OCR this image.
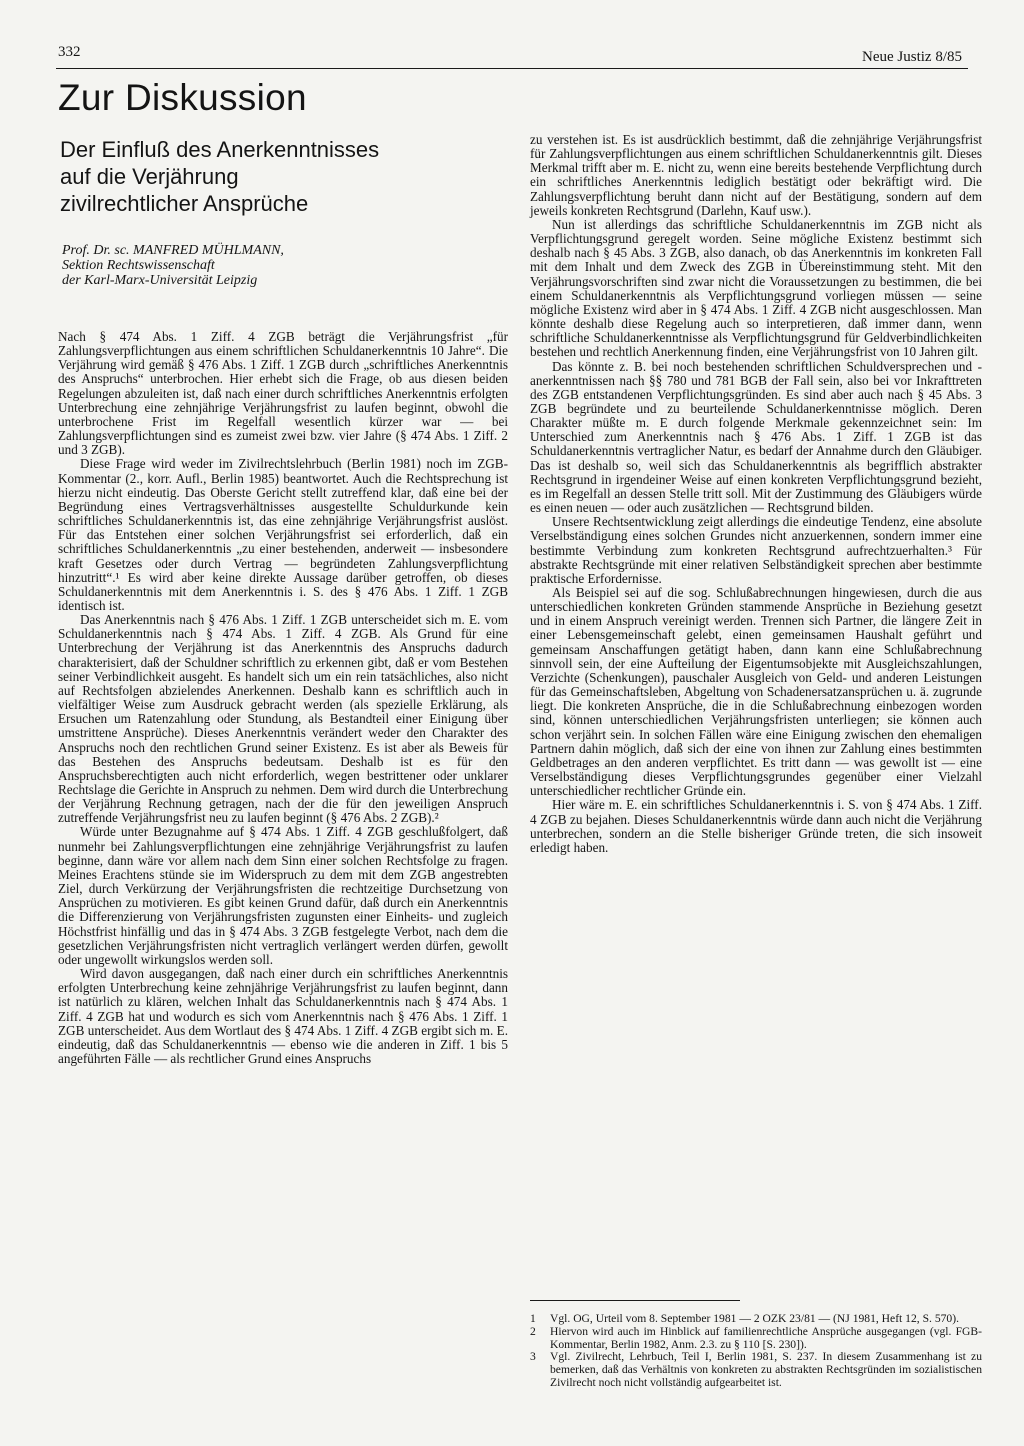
332	Neue Justiz 8/85
Zur Diskussion
Der Einfluß des Anerkenntnisses
auf die Verjährung
zivilrechtlicher Ansprüche
Prof. Dr. sc. MANFRED MÜHLMANN,
Sektion Rechtswissenschaft
der Karl-Marx-Universität Leipzig

Nach § 474 Abs. 1 Ziff. 4 ZGB beträgt die Verjährungsfrist „für Zahlungsverpflichtungen aus einem schriftlichen Schuldanerkenntnis 10 Jahre“. Die Verjährung wird gemäß § 476 Abs. 1 Ziff. 1 ZGB durch „schriftliches Anerkenntnis des Anspruchs“ unterbrochen. Hier erhebt sich die Frage, ob aus diesen beiden Regelungen abzuleiten ist, daß nach einer durch schriftliches Anerkenntnis erfolgten Unterbrechung eine zehnjährige Verjährungsfrist zu laufen beginnt, obwohl die unterbrochene Frist im Regelfall wesentlich kürzer war — bei Zahlungsverpflichtungen sind es zumeist zwei bzw. vier Jahre (§ 474 Abs. 1 Ziff. 2 und 3 ZGB).

Diese Frage wird weder im Zivilrechtslehrbuch (Berlin 1981) noch im ZGB-Kommentar (2., korr. Aufl., Berlin 1985) beantwortet. Auch die Rechtsprechung ist hierzu nicht eindeutig. Das Oberste Gericht stellt zutreffend klar, daß eine bei der Begründung eines Vertragsverhältnisses ausgestellte Schuldurkunde kein schriftliches Schuldanerkenntnis ist, das eine zehnjährige Verjährungsfrist auslöst. Für das Entstehen einer solchen Verjährungsfrist sei erforderlich, daß ein schriftliches Schuldanerkenntnis „zu einer bestehenden, anderweit — insbesondere kraft Gesetzes oder durch Vertrag — begründeten Zahlungsverpflichtung hinzutritt“.¹ Es wird aber keine direkte Aussage darüber getroffen, ob dieses Schuldanerkenntnis mit dem Anerkenntnis i. S. des § 476 Abs. 1 Ziff. 1 ZGB identisch ist.

Das Anerkenntnis nach § 476 Abs. 1 Ziff. 1 ZGB unterscheidet sich m. E. vom Schuldanerkenntnis nach § 474 Abs. 1 Ziff. 4 ZGB. Als Grund für eine Unterbrechung der Verjährung ist das Anerkenntnis des Anspruchs dadurch charakterisiert, daß der Schuldner schriftlich zu erkennen gibt, daß er vom Bestehen seiner Verbindlichkeit ausgeht. Es handelt sich um ein rein tatsächliches, also nicht auf Rechtsfolgen abzielendes Anerkennen. Deshalb kann es schriftlich auch in vielfältiger Weise zum Ausdruck gebracht werden (als spezielle Erklärung, als Ersuchen um Ratenzahlung oder Stundung, als Bestandteil einer Einigung über umstrittene Ansprüche). Dieses Anerkenntnis verändert weder den Charakter des Anspruchs noch den rechtlichen Grund seiner Existenz. Es ist aber als Beweis für das Bestehen des Anspruchs bedeutsam. Deshalb ist es für den Anspruchsberechtigten auch nicht erforderlich, wegen bestrittener oder unklarer Rechtslage die Gerichte in Anspruch zu nehmen. Dem wird durch die Unterbrechung der Verjährung Rechnung getragen, nach der die für den jeweiligen Anspruch zutreffende Verjährungsfrist neu zu laufen beginnt (§ 476 Abs. 2 ZGB).²

Würde unter Bezugnahme auf § 474 Abs. 1 Ziff. 4 ZGB geschlußfolgert, daß nunmehr bei Zahlungsverpflichtungen eine zehnjährige Verjährungsfrist zu laufen beginne, dann wäre vor allem nach dem Sinn einer solchen Rechtsfolge zu fragen. Meines Erachtens stünde sie im Widerspruch zu dem mit dem ZGB angestrebten Ziel, durch Verkürzung der Verjährungsfristen die rechtzeitige Durchsetzung von Ansprüchen zu motivieren. Es gibt keinen Grund dafür, daß durch ein Anerkenntnis die Differenzierung von Verjährungsfristen zugunsten einer Einheits- und zugleich Höchstfrist hinfällig und das in § 474 Abs. 3 ZGB festgelegte Verbot, nach dem die gesetzlichen Verjährungsfristen nicht vertraglich verlängert werden dürfen, gewollt oder ungewollt wirkungslos werden soll.

Wird davon ausgegangen, daß nach einer durch ein schriftliches Anerkenntnis erfolgten Unterbrechung keine zehnjährige Verjährungsfrist zu laufen beginnt, dann ist natürlich zu klären, welchen Inhalt das Schuldanerkenntnis nach § 474 Abs. 1 Ziff. 4 ZGB hat und wodurch es sich vom Anerkenntnis nach § 476 Abs. 1 Ziff. 1 ZGB unterscheidet. Aus dem Wortlaut des § 474 Abs. 1 Ziff. 4 ZGB ergibt sich m. E. eindeutig, daß das Schuldanerkenntnis — ebenso wie die anderen in Ziff. 1 bis 5 angeführten Fälle — als rechtlicher Grund eines Anspruchs

zu verstehen ist. Es ist ausdrücklich bestimmt, daß die zehnjährige Verjährungsfrist für Zahlungsverpflichtungen aus einem schriftlichen Schuldanerkenntnis gilt. Dieses Merkmal trifft aber m. E. nicht zu, wenn eine bereits bestehende Verpflichtung durch ein schriftliches Anerkenntnis lediglich bestätigt oder bekräftigt wird. Die Zahlungsverpflichtung beruht dann nicht auf der Bestätigung, sondern auf dem jeweils konkreten Rechtsgrund (Darlehn, Kauf usw.).

Nun ist allerdings das schriftliche Schuldanerkenntnis im ZGB nicht als Verpflichtungsgrund geregelt worden. Seine mögliche Existenz bestimmt sich deshalb nach § 45 Abs. 3 ZGB, also danach, ob das Anerkenntnis im konkreten Fall mit dem Inhalt und dem Zweck des ZGB in Übereinstimmung steht. Mit den Verjährungsvorschriften sind zwar nicht die Voraussetzungen zu bestimmen, die bei einem Schuldanerkenntnis als Verpflichtungsgrund vorliegen müssen — seine mögliche Existenz wird aber in § 474 Abs. 1 Ziff. 4 ZGB nicht ausgeschlossen. Man könnte deshalb diese Regelung auch so interpretieren, daß immer dann, wenn schriftliche Schuldanerkenntnisse als Verpflichtungsgrund für Geldverbindlichkeiten bestehen und rechtlich Anerkennung finden, eine Verjährungsfrist von 10 Jahren gilt.

Das könnte z. B. bei noch bestehenden schriftlichen Schuldversprechen und -anerkenntnissen nach §§ 780 und 781 BGB der Fall sein, also bei vor Inkrafttreten des ZGB entstandenen Verpflichtungsgründen. Es sind aber auch nach § 45 Abs. 3 ZGB begründete und zu beurteilende Schuldanerkenntnisse möglich. Deren Charakter müßte m. E durch folgende Merkmale gekennzeichnet sein: Im Unterschied zum Anerkenntnis nach § 476 Abs. 1 Ziff. 1 ZGB ist das Schuldanerkenntnis vertraglicher Natur, es bedarf der Annahme durch den Gläubiger. Das ist deshalb so, weil sich das Schuldanerkenntnis als begrifflich abstrakter Rechtsgrund in irgendeiner Weise auf einen konkreten Verpflichtungsgrund bezieht, es im Regelfall an dessen Stelle tritt soll. Mit der Zustimmung des Gläubigers würde es einen neuen — oder auch zusätzlichen — Rechtsgrund bilden.

Unsere Rechtsentwicklung zeigt allerdings die eindeutige Tendenz, eine absolute Verselbständigung eines solchen Grundes nicht anzuerkennen, sondern immer eine bestimmte Verbindung zum konkreten Rechtsgrund aufrechtzuerhalten.³ Für abstrakte Rechtsgründe mit einer relativen Selbständigkeit sprechen aber bestimmte praktische Erfordernisse.

Als Beispiel sei auf die sog. Schlußabrechnungen hingewiesen, durch die aus unterschiedlichen konkreten Gründen stammende Ansprüche in Beziehung gesetzt und in einem Anspruch vereinigt werden. Trennen sich Partner, die längere Zeit in einer Lebensgemeinschaft gelebt, einen gemeinsamen Haushalt geführt und gemeinsam Anschaffungen getätigt haben, dann kann eine Schlußabrechnung sinnvoll sein, der eine Aufteilung der Eigentumsobjekte mit Ausgleichszahlungen, Verzichte (Schenkungen), pauschaler Ausgleich von Geld- und anderen Leistungen für das Gemeinschaftsleben, Abgeltung von Schadenersatzansprüchen u. ä. zugrunde liegt. Die konkreten Ansprüche, die in die Schlußabrechnung einbezogen worden sind, können unterschiedlichen Verjährungsfristen unterliegen; sie können auch schon verjährt sein. In solchen Fällen wäre eine Einigung zwischen den ehemaligen Partnern dahin möglich, daß sich der eine von ihnen zur Zahlung eines bestimmten Geldbetrages an den anderen verpflichtet. Es tritt dann — was gewollt ist — eine Verselbständigung dieses Verpflichtungsgrundes gegenüber einer Vielzahl unterschiedlicher rechtlicher Gründe ein.

Hier wäre m. E. ein schriftliches Schuldanerkenntnis i. S. von § 474 Abs. 1 Ziff. 4 ZGB zu bejahen. Dieses Schuldanerkenntnis würde dann auch nicht die Verjährung unterbrechen, sondern an die Stelle bisheriger Gründe treten, die sich insoweit erledigt haben.

1	Vgl. OG, Urteil vom 8. September 1981 — 2 OZK 23/81 — (NJ 1981, Heft 12, S. 570).
2	Hiervon wird auch im Hinblick auf familienrechtliche Ansprüche ausgegangen (vgl. FGB-Kommentar, Berlin 1982, Anm. 2.3. zu § 110 [S. 230]).
3	Vgl. Zivilrecht, Lehrbuch, Teil I, Berlin 1981, S. 237. In diesem Zusammenhang ist zu bemerken, daß das Verhältnis von konkreten zu abstrakten Rechtsgründen im sozialistischen Zivilrecht noch nicht vollständig aufgearbeitet ist.
